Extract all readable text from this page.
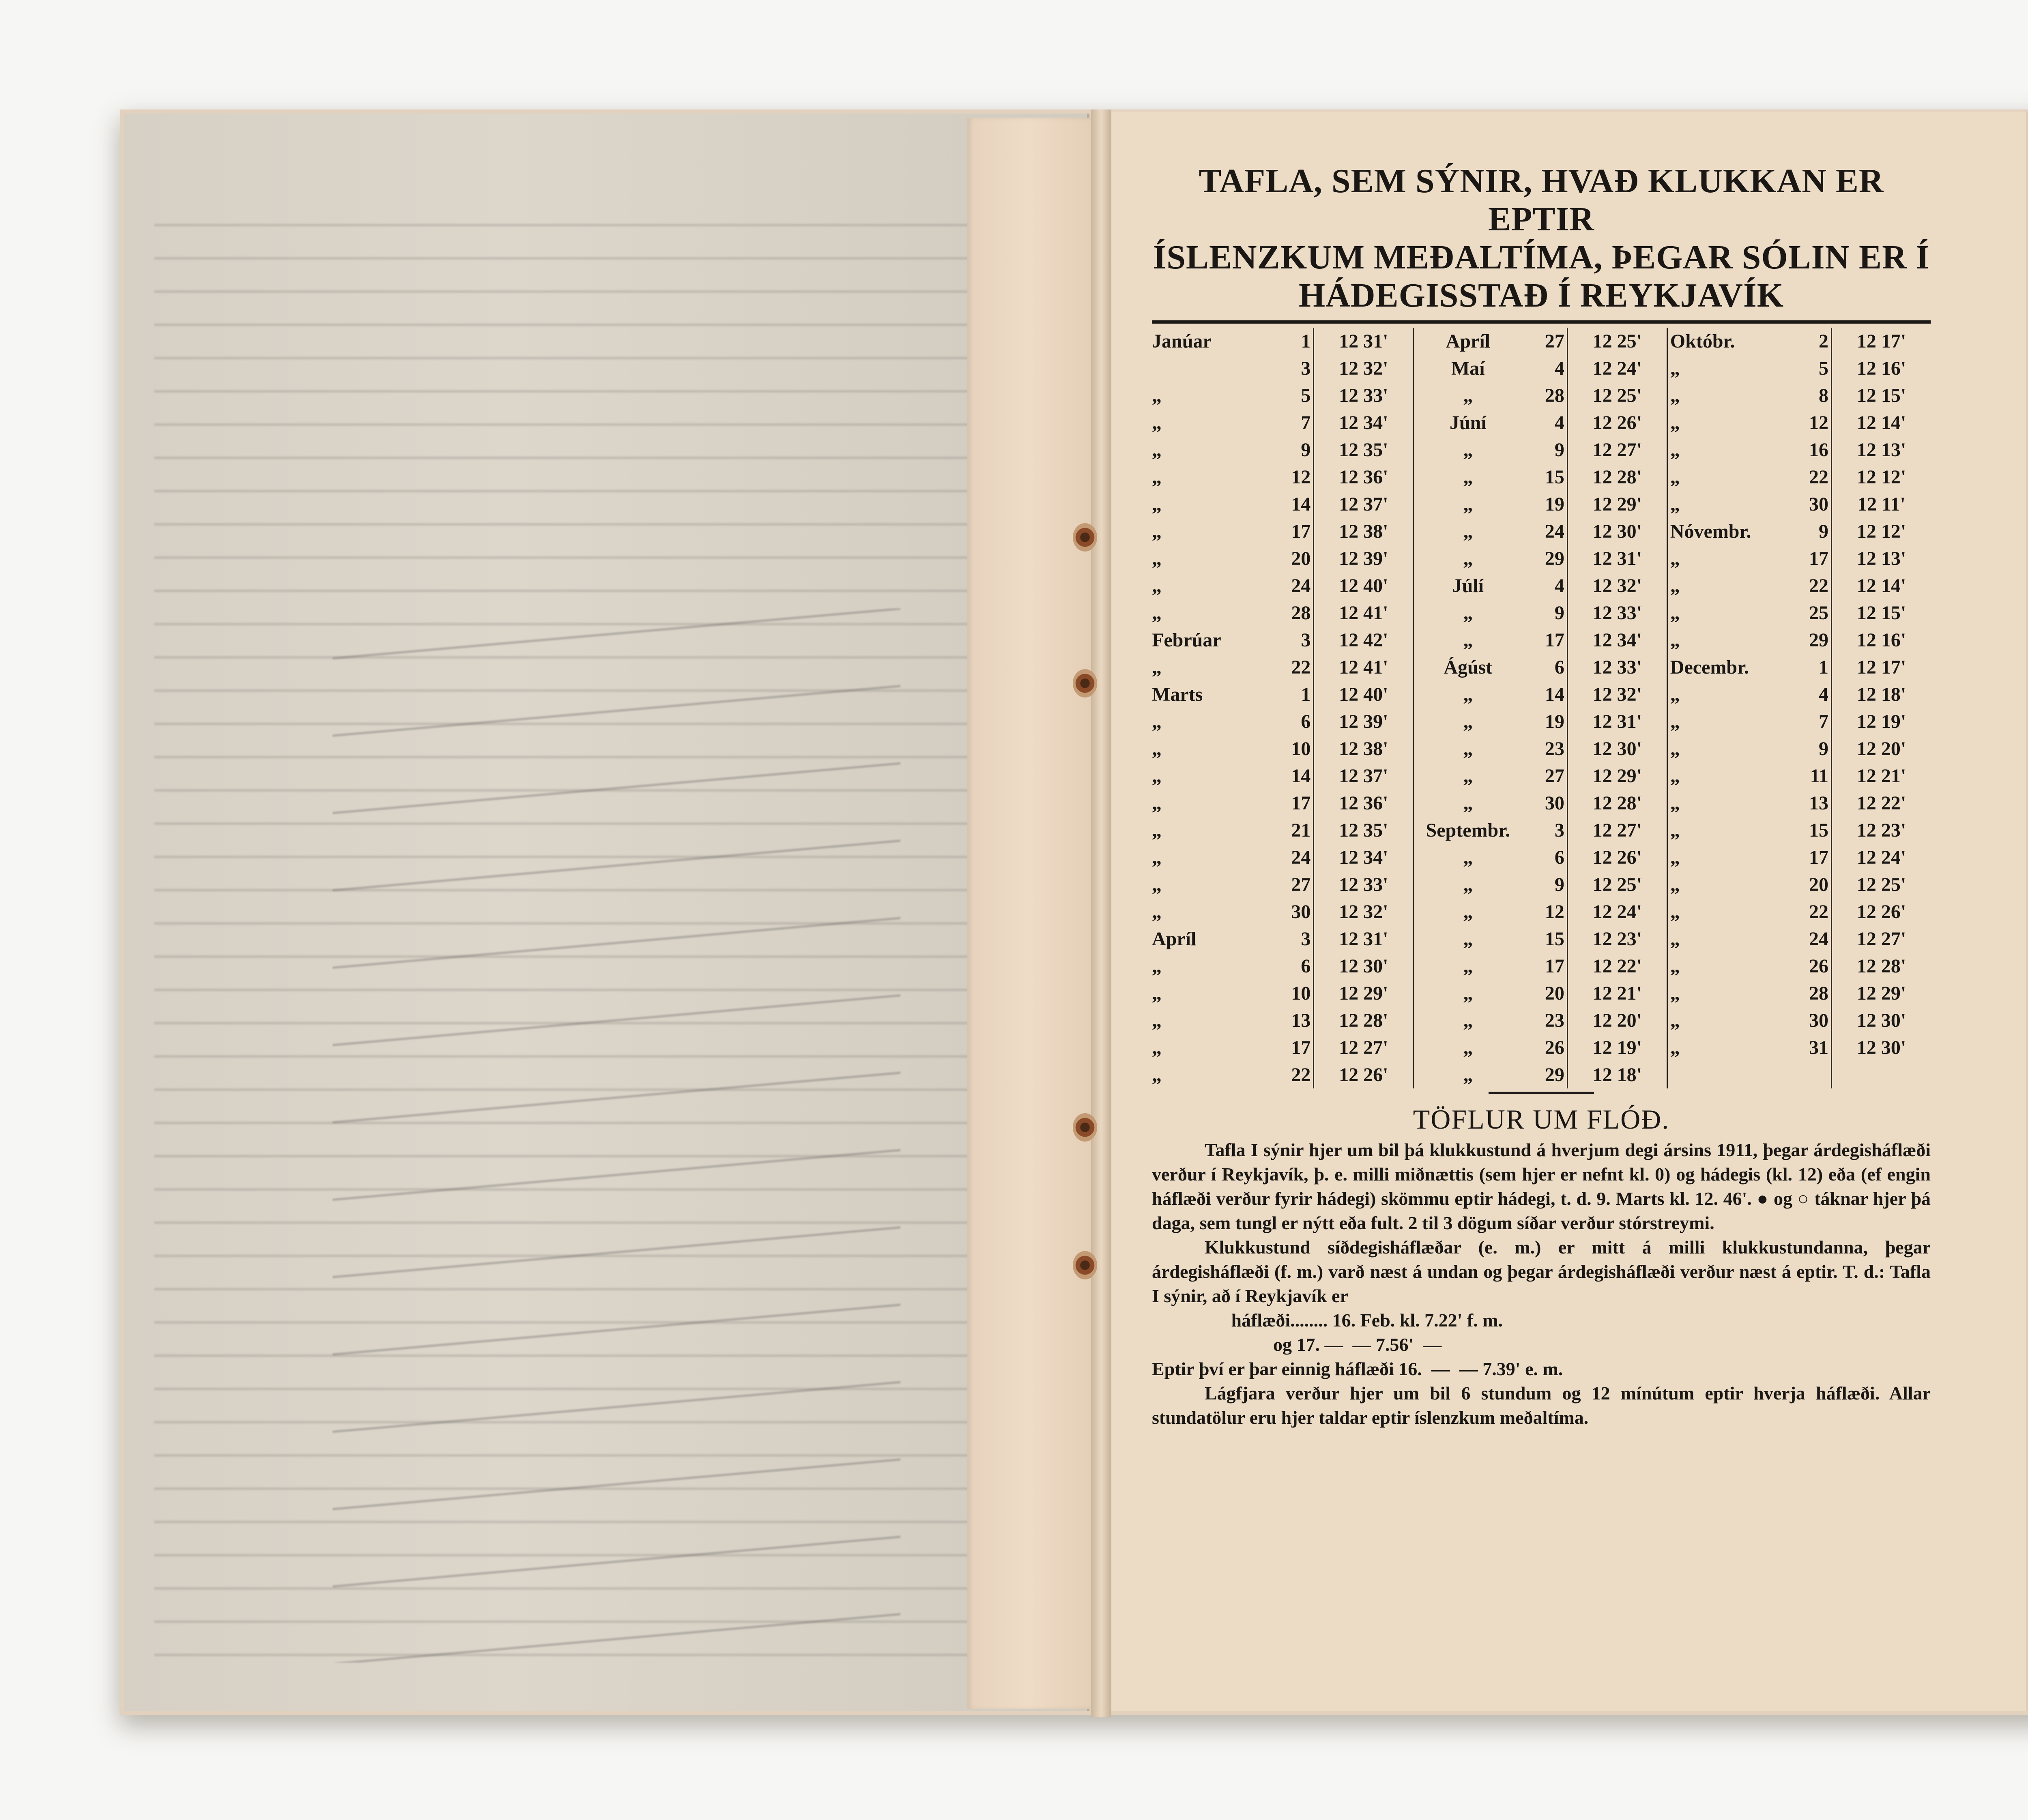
TAFLA, SEM SÝNIR, HVAÐ KLUKKAN ER EPTIR
ÍSLENZKUM MEÐALTÍMA, ÞEGAR SÓLIN ER Í
HÁDEGISSTAÐ Í REYKJAVÍK
Janúar	1	12 31'	Apríl	27	12 25'	Októbr.	2	12 17'
	3	12 32'	Maí	4	12 24'	„	5	12 16'
„	5	12 33'	„	28	12 25'	„	8	12 15'
„	7	12 34'	Júní	4	12 26'	„	12	12 14'
„	9	12 35'	„	9	12 27'	„	16	12 13'
„	12	12 36'	„	15	12 28'	„	22	12 12'
„	14	12 37'	„	19	12 29'	„	30	12 11'
„	17	12 38'	„	24	12 30'	Nóvembr.	9	12 12'
„	20	12 39'	„	29	12 31'	„	17	12 13'
„	24	12 40'	Júlí	4	12 32'	„	22	12 14'
„	28	12 41'	„	9	12 33'	„	25	12 15'
Febrúar	3	12 42'	„	17	12 34'	„	29	12 16'
„	22	12 41'	Ágúst	6	12 33'	Decembr.	1	12 17'
Marts	1	12 40'	„	14	12 32'	„	4	12 18'
„	6	12 39'	„	19	12 31'	„	7	12 19'
„	10	12 38'	„	23	12 30'	„	9	12 20'
„	14	12 37'	„	27	12 29'	„	11	12 21'
„	17	12 36'	„	30	12 28'	„	13	12 22'
„	21	12 35'	Septembr.	3	12 27'	„	15	12 23'
„	24	12 34'	„	6	12 26'	„	17	12 24'
„	27	12 33'	„	9	12 25'	„	20	12 25'
„	30	12 32'	„	12	12 24'	„	22	12 26'
Apríl	3	12 31'	„	15	12 23'	„	24	12 27'
„	6	12 30'	„	17	12 22'	„	26	12 28'
„	10	12 29'	„	20	12 21'	„	28	12 29'
„	13	12 28'	„	23	12 20'	„	30	12 30'
„	17	12 27'	„	26	12 19'	„	31	12 30'
„	22	12 26'	„	29	12 18'			
TÖFLUR UM FLÓÐ.

Tafla I sýnir hjer um bil þá klukkustund á hverjum degi ársins 1911, þegar árdegisháflæði verður í Reykjavík, þ. e. milli miðnættis (sem hjer er nefnt kl. 0) og hádegis (kl. 12) eða (ef engin háflæði verður fyrir hádegi) skömmu eptir hádegi, t. d. 9. Marts kl. 12. 46'. ● og ○ táknar hjer þá daga, sem tungl er nýtt eða fult. 2 til 3 dögum síðar verður stórstreymi.

Klukkustund síðdegisháflæðar (e. m.) er mitt á milli klukkustundanna, þegar árdegisháflæði (f. m.) varð næst á undan og þegar árdegisháflæði verður næst á eptir. T. d.: Tafla I sýnir, að í Reykjavík er

háflæði........ 16. Feb. kl. 7.22' f. m.

og 17. —  — 7.56'  —

Eptir því er þar einnig háflæði 16.  —  — 7.39' e. m.

Lágfjara verður hjer um bil 6 stundum og 12 mínútum eptir hverja háflæði. Allar stundatölur eru hjer taldar eptir íslenzkum meðaltíma.
